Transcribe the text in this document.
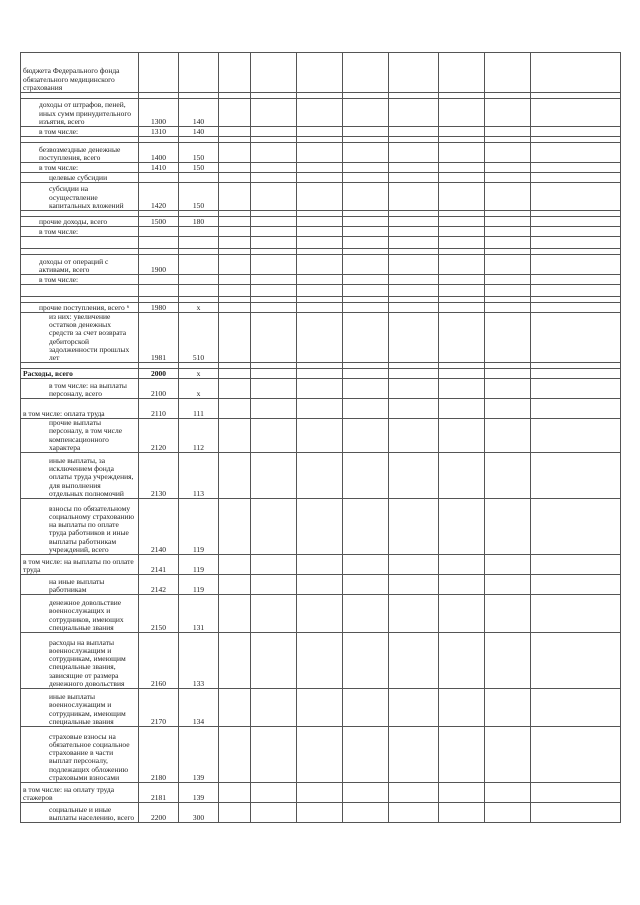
бюджета Федерального фонда обязательного медицинского страхования										

доходы от штрафов, пеней, иных сумм принудительного изъятия, всего	1300	140								
в том числе:	1310	140								

безвозмездные денежные поступления, всего	1400	150								
в том числе:	1410	150								
целевые субсидии										
субсидии на осуществление капитальных вложений	1420	150								

прочие доходы, всего	1500	180								
в том числе:										

доходы от операций с активами, всего	1900									
в том числе:										

прочие поступления, всего ⁶	1980	х								
из них: увеличение остатков денежных средств за счет возврата дебиторской задолженности прошлых лет	1981	510								

Расходы, всего	2000	х								
в том числе: на выплаты персоналу, всего	2100	х								
в том числе: оплата труда	2110	111								
прочие выплаты персоналу, в том числе компенсационного характера	2120	112								
иные выплаты, за исключением фонда оплаты труда учреждения, для выполнения отдельных полномочий	2130	113								
взносы по обязательному социальному страхованию на выплаты по оплате труда работников и иные выплаты работникам учреждений, всего	2140	119								
в том числе: на выплаты по оплате труда	2141	119								
на иные выплаты работникам	2142	119								
денежное довольствие военнослужащих и сотрудников, имеющих специальные звания	2150	131								
расходы на выплаты военнослужащим и сотрудникам, имеющим специальные звания, зависящие от размера денежного довольствия	2160	133								
иные выплаты военнослужащим и сотрудникам, имеющим специальные звания	2170	134								
страховые взносы на обязательное социальное страхование в части выплат персоналу, подлежащих обложению страховыми взносами	2180	139								
в том числе: на оплату труда стажеров	2181	139								
социальные и иные выплаты населению, всего	2200	300								
